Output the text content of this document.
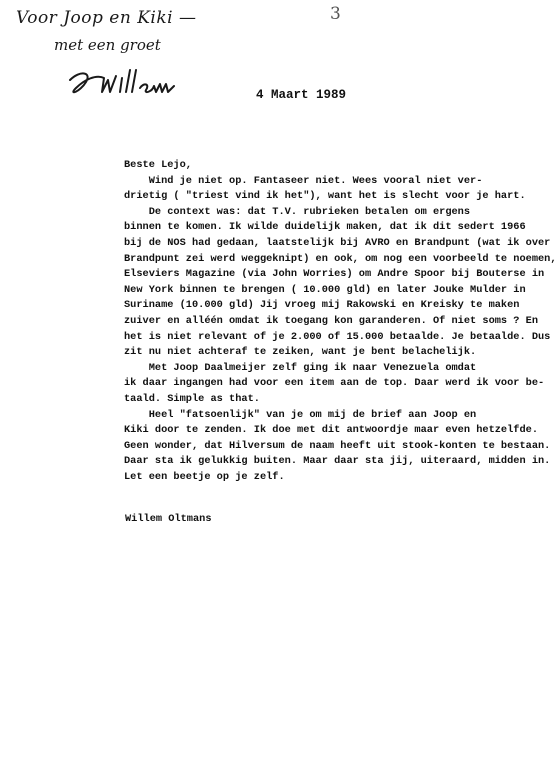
Voor Joop en Kiki —
met een groet
3
4 Maart 1989
Beste Lejo,
Wind je niet op. Fantaseer niet. Wees vooral niet ver-
drietig ( "triest vind ik het"), want het is slecht voor je hart.
De context was: dat T.V. rubrieken betalen om ergens
binnen te komen. Ik wilde duidelijk maken, dat ik dit sedert 1966
bij de NOS had gedaan, laatstelijk bij AVRO en Brandpunt (wat ik over
Brandpunt zei werd weggeknipt) en ook, om nog een voorbeeld te noemen,
Elseviers Magazine (via John Worries) om Andre Spoor bij Bouterse in
New York binnen te brengen ( 10.000 gld) en later Jouke Mulder in
Suriname (10.000 gld) Jij vroeg mij Rakowski en Kreisky te maken
zuiver en alléén omdat ik toegang kon garanderen. Of niet soms ? En
het is niet relevant of je 2.000 of 15.000 betaalde. Je betaalde. Dus
zit nu niet achteraf te zeiken, want je bent belachelijk.
Met Joop Daalmeijer zelf ging ik naar Venezuela omdat
ik daar ingangen had voor een item aan de top. Daar werd ik voor be-
taald. Simple as that.
Heel "fatsoenlijk" van je om mij de brief aan Joop en
Kiki door te zenden. Ik doe met dit antwoordje maar even hetzelfde.
Geen wonder, dat Hilversum de naam heeft uit stook-konten te bestaan.
Daar sta ik gelukkig buiten. Maar daar sta jij, uiteraard, midden in.
Let een beetje op je zelf.
Willem Oltmans
